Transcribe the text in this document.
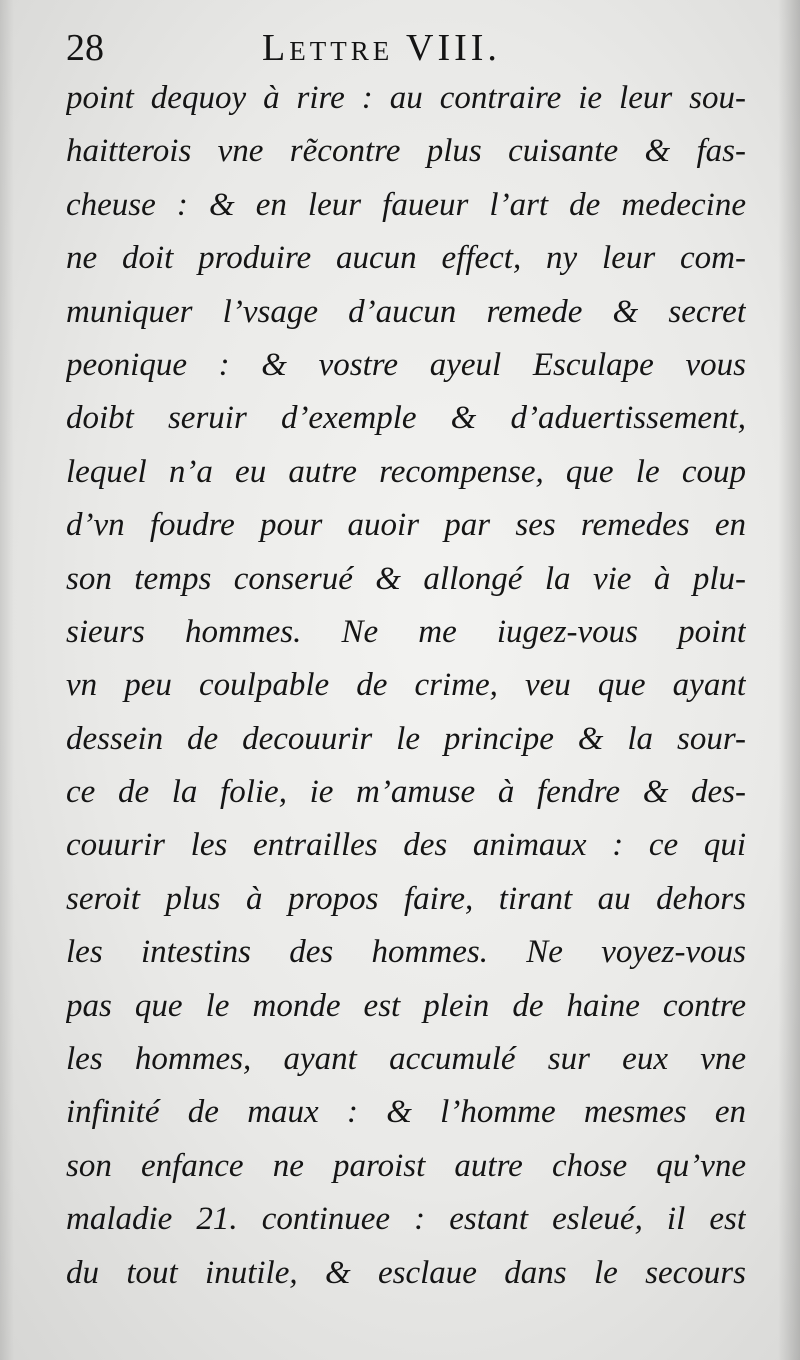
28	Lettre VIII.
point dequoy à rire : au contraire ie leur sou-
haitterois vne rẽcontre plus cuisante & fas-
cheuse : & en leur faueur l’art de medecine
ne doit produire aucun effect, ny leur com-
muniquer l’vsage d’aucun remede & secret
peonique : & vostre ayeul Esculape vous
doibt seruir d’exemple & d’aduertissement,
lequel n’a eu autre recompense, que le coup
d’vn foudre pour auoir par ses remedes en
son temps conserué & allongé la vie à plu-
sieurs hommes. Ne me iugez-vous point
vn peu coulpable de crime, veu que ayant
dessein de decouurir le principe & la sour-
ce de la folie, ie m’amuse à fendre & des-
couurir les entrailles des animaux : ce qui
seroit plus à propos faire, tirant au dehors
les intestins des hommes. Ne voyez-vous
pas que le monde est plein de haine contre
les hommes, ayant accumulé sur eux vne
infinité de maux : & l’homme mesmes en
son enfance ne paroist autre chose qu’vne
maladie 21. continuee : estant esleué, il est
du tout inutile, & esclaue dans le secours
